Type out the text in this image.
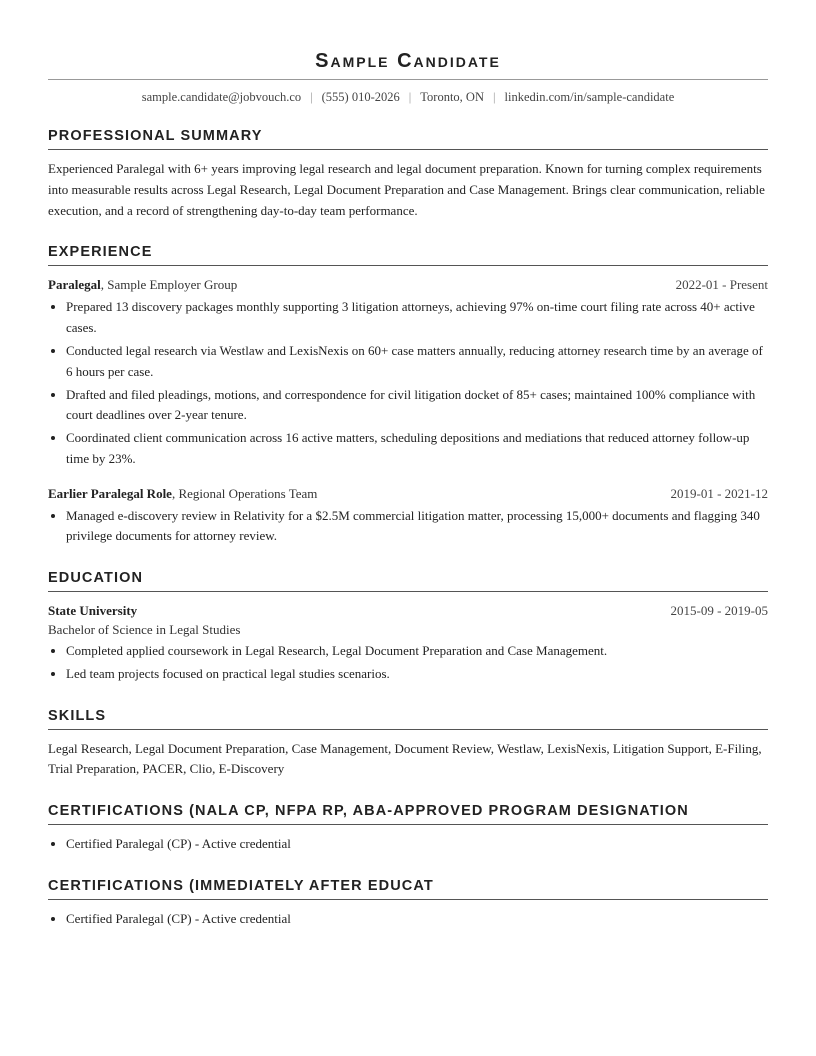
Sample Candidate
sample.candidate@jobvouch.co | (555) 010-2026 | Toronto, ON | linkedin.com/in/sample-candidate
PROFESSIONAL SUMMARY
Experienced Paralegal with 6+ years improving legal research and legal document preparation. Known for turning complex requirements into measurable results across Legal Research, Legal Document Preparation and Case Management. Brings clear communication, reliable execution, and a record of strengthening day-to-day team performance.
EXPERIENCE
Paralegal, Sample Employer Group	2022-01 - Present
• Prepared 13 discovery packages monthly supporting 3 litigation attorneys, achieving 97% on-time court filing rate across 40+ active cases.
• Conducted legal research via Westlaw and LexisNexis on 60+ case matters annually, reducing attorney research time by an average of 6 hours per case.
• Drafted and filed pleadings, motions, and correspondence for civil litigation docket of 85+ cases; maintained 100% compliance with court deadlines over 2-year tenure.
• Coordinated client communication across 16 active matters, scheduling depositions and mediations that reduced attorney follow-up time by 23%.
Earlier Paralegal Role, Regional Operations Team	2019-01 - 2021-12
• Managed e-discovery review in Relativity for a $2.5M commercial litigation matter, processing 15,000+ documents and flagging 340 privilege documents for attorney review.
EDUCATION
State University	2015-09 - 2019-05
Bachelor of Science in Legal Studies
• Completed applied coursework in Legal Research, Legal Document Preparation and Case Management.
• Led team projects focused on practical legal studies scenarios.
SKILLS
Legal Research, Legal Document Preparation, Case Management, Document Review, Westlaw, LexisNexis, Litigation Support, E-Filing, Trial Preparation, PACER, Clio, E-Discovery
CERTIFICATIONS (NALA CP, NFPA RP, ABA-APPROVED PROGRAM DESIGNATION
• Certified Paralegal (CP) - Active credential
CERTIFICATIONS (IMMEDIATELY AFTER EDUCAT
• Certified Paralegal (CP) - Active credential
